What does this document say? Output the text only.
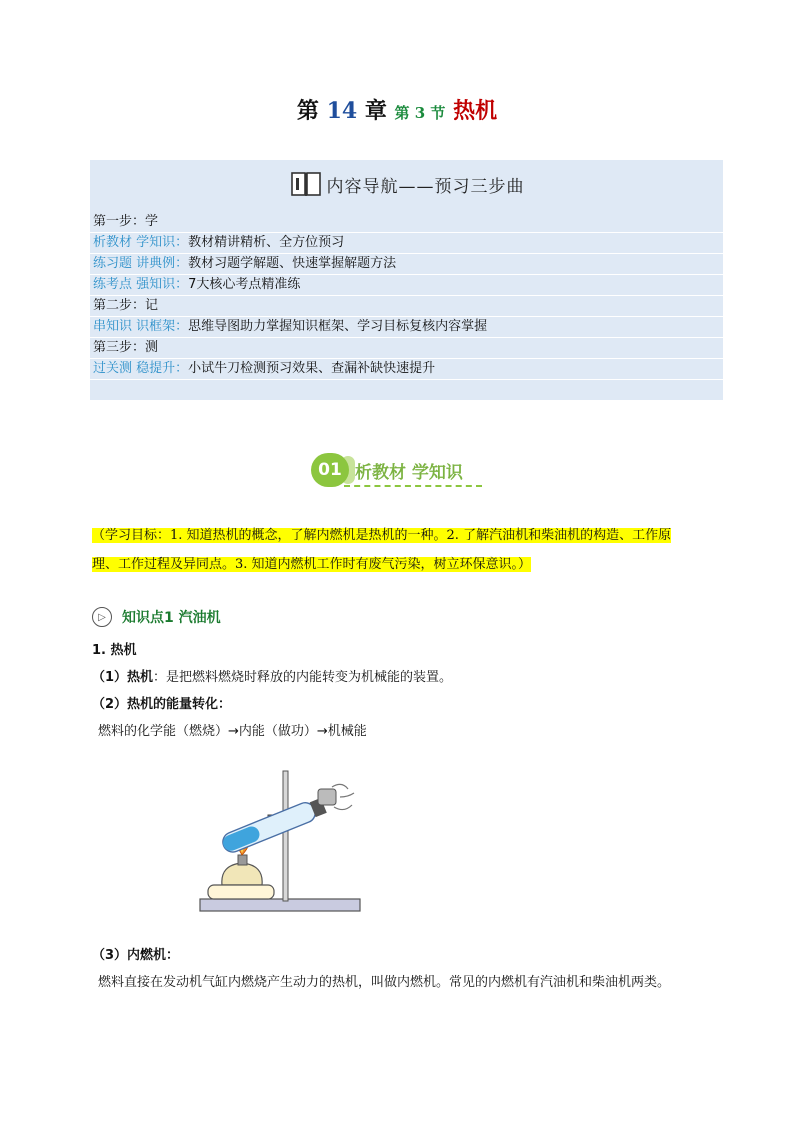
第 14 章 第 3 节 热机
内容导航——预习三步曲
第一步：学
析教材 学知识：教材精讲精析、全方位预习
练习题 讲典例：教材习题学解题、快速掌握解题方法
练考点 强知识：7大核心考点精准练
第二步：记
串知识 识框架：思维导图助力掌握知识框架、学习目标复核内容掌握
第三步：测
过关测 稳提升：小试牛刀检测预习效果、查漏补缺快速提升
01 析教材 学知识
（学习目标：1. 知道热机的概念，了解内燃机是热机的一种。2. 了解汽油机和柴油机的构造、工作原
理、工作过程及异同点。3. 知道内燃机工作时有废气污染，树立环保意识。）
▷	知识点1 汽油机
1. 热机
（1）热机：是把燃料燃烧时释放的内能转变为机械能的装置。
（2）热机的能量转化：
燃料的化学能（燃烧）→内能（做功）→机械能
（3）内燃机：
燃料直接在发动机气缸内燃烧产生动力的热机，叫做内燃机。常见的内燃机有汽油机和柴油机两类。
